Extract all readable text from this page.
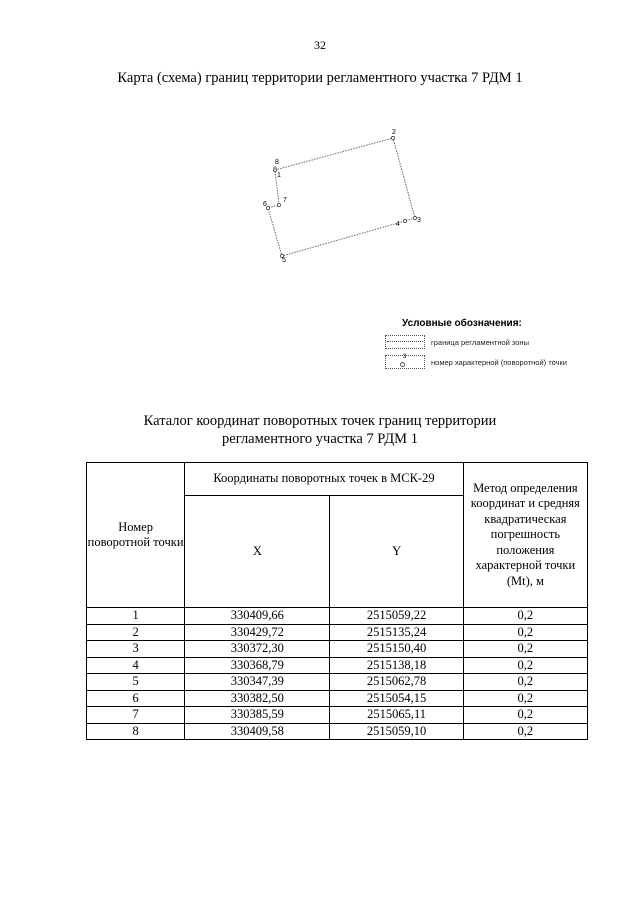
32
Карта (схема) границ территории регламентного участка 7 РДМ 1
1
2
3
4
5
6
7
8
Условные обозначения:
граница регламентной зоны
3
номер характерной (поворотной) точки
Каталог координат поворотных точек границ территории
регламентного участка 7 РДМ 1
Номер поворотной точки	Координаты поворотных точек в МСК-29		Метод определения координат и средняя квадратическая погрешность положения характерной точки (Мt), м
	X	Y	
1	330409,66	2515059,22	0,2
2	330429,72	2515135,24	0,2
3	330372,30	2515150,40	0,2
4	330368,79	2515138,18	0,2
5	330347,39	2515062,78	0,2
6	330382,50	2515054,15	0,2
7	330385,59	2515065,11	0,2
8	330409,58	2515059,10	0,2
